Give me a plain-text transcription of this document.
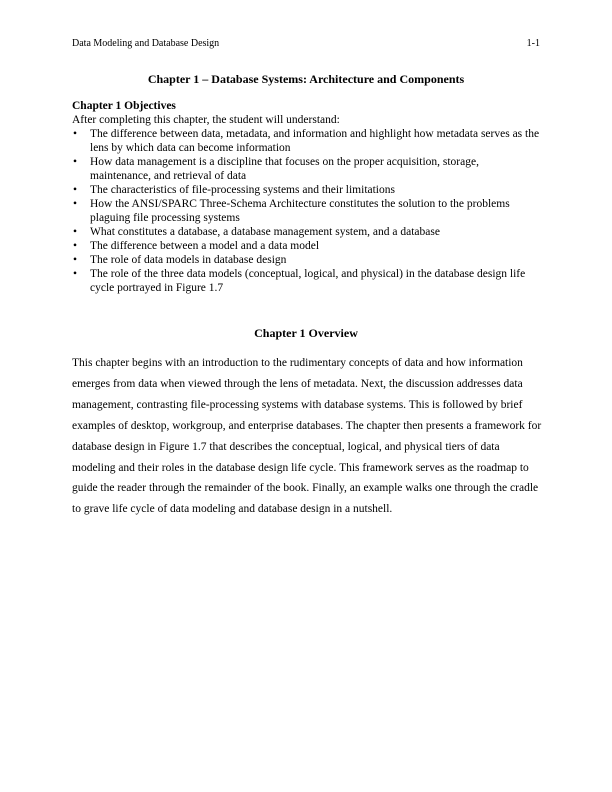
Data Modeling and Database Design	1-1
Chapter 1 – Database Systems: Architecture and Components
Chapter 1 Objectives
After completing this chapter, the student will understand:
• The difference between data, metadata, and information and highlight how metadata serves as the lens by which data can become information
• How data management is a discipline that focuses on the proper acquisition, storage, maintenance, and retrieval of data
• The characteristics of file-processing systems and their limitations
• How the ANSI/SPARC Three-Schema Architecture constitutes the solution to the problems plaguing file processing systems
• What constitutes a database, a database management system, and a database
• The difference between a model and a data model
• The role of data models in database design
• The role of the three data models (conceptual, logical, and physical) in the database design life cycle portrayed in Figure 1.7
Chapter 1 Overview
This chapter begins with an introduction to the rudimentary concepts of data and how information emerges from data when viewed through the lens of metadata. Next, the discussion addresses data management, contrasting file-processing systems with database systems. This is followed by brief examples of desktop, workgroup, and enterprise databases. The chapter then presents a framework for database design in Figure 1.7 that describes the conceptual, logical, and physical tiers of data modeling and their roles in the database design life cycle. This framework serves as the roadmap to guide the reader through the remainder of the book. Finally, an example walks one through the cradle to grave life cycle of data modeling and database design in a nutshell.
